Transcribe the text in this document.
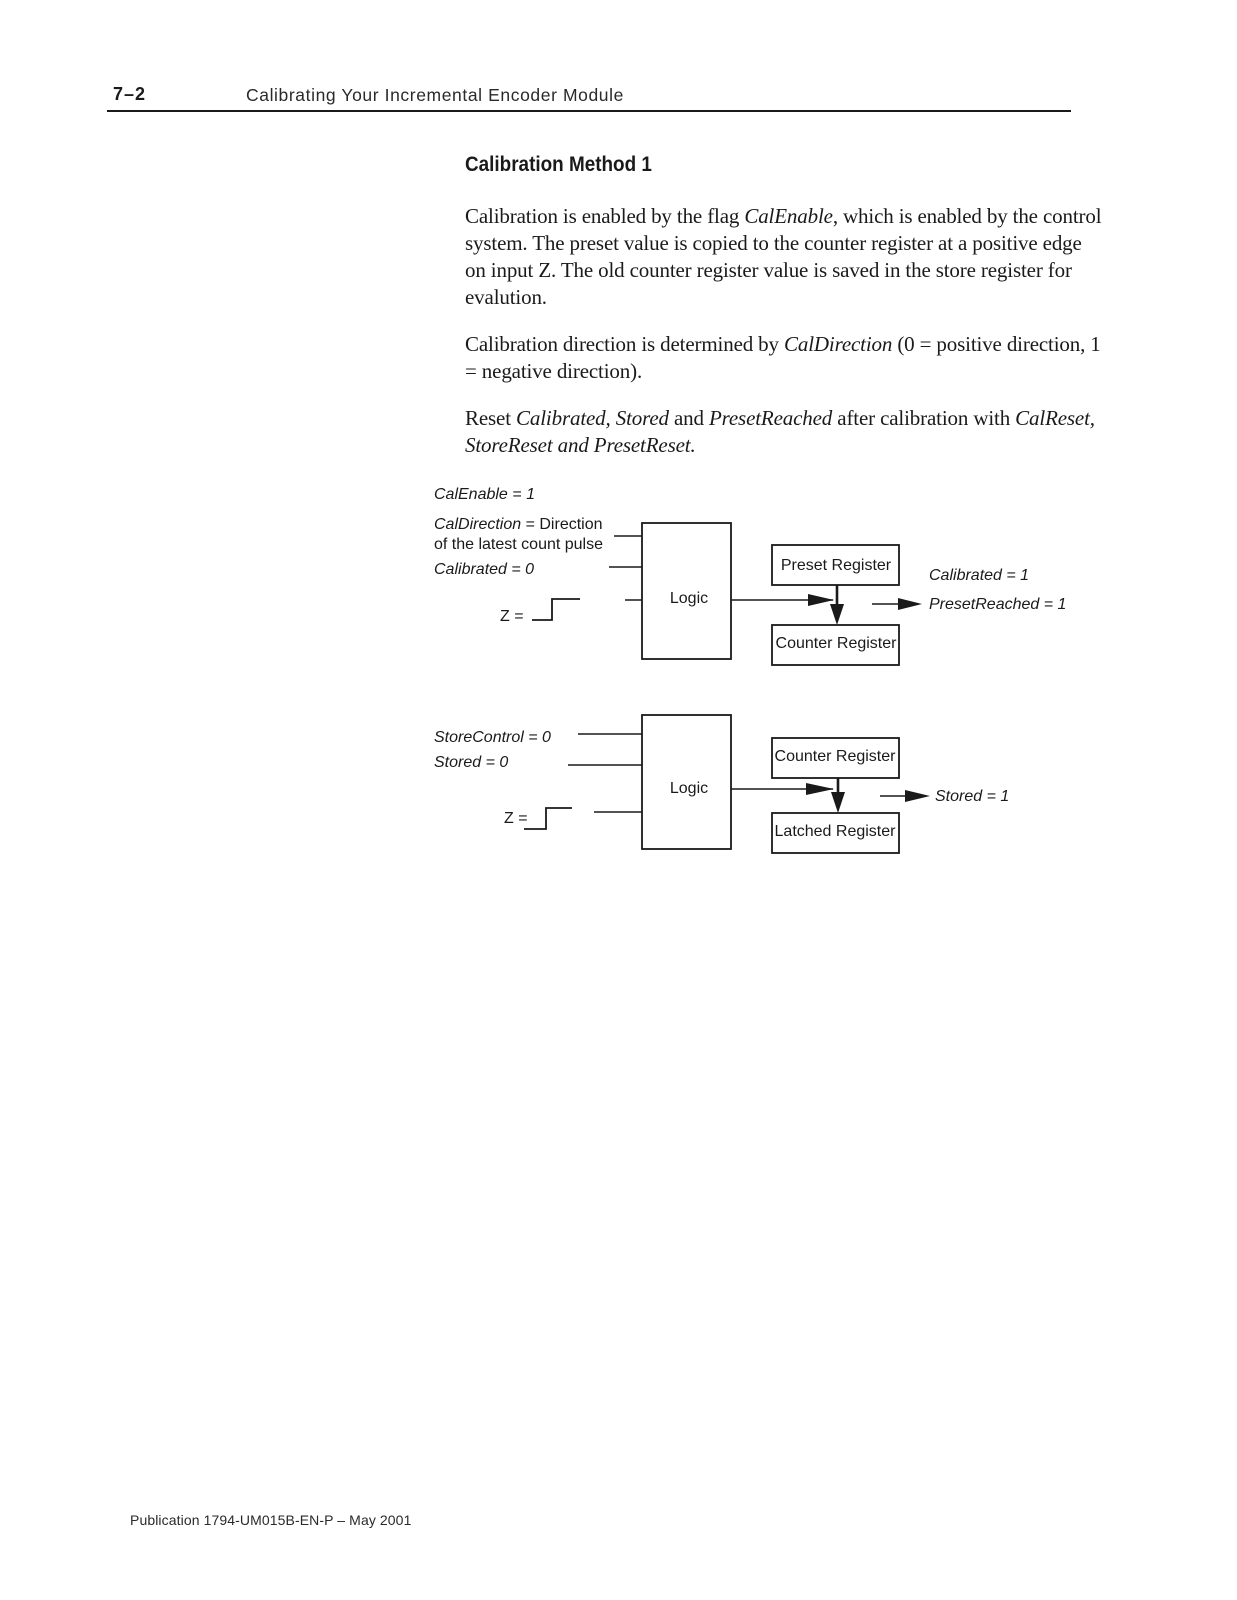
7–2	Calibrating Your Incremental Encoder Module
Calibration Method 1

Calibration is enabled by the flag CalEnable, which is enabled by the control system. The preset value is copied to the counter register at a positive edge on input Z. The old counter register value is saved in the store register for evalution.

Calibration direction is determined by CalDirection (0 = positive direction, 1 = negative direction).

Reset Calibrated, Stored and PresetReached after calibration with CalReset, StoreReset and PresetReset.

CalEnable = 1
CalDirection = Direction
of the latest count pulse
Calibrated = 0
Z =
Logic
Preset Register
Counter Register
Calibrated = 1
PresetReached = 1
StoreControl = 0
Stored = 0
Z =
Logic
Counter Register
Latched Register
Stored = 1
Publication 1794-UM015B-EN-P – May 2001
